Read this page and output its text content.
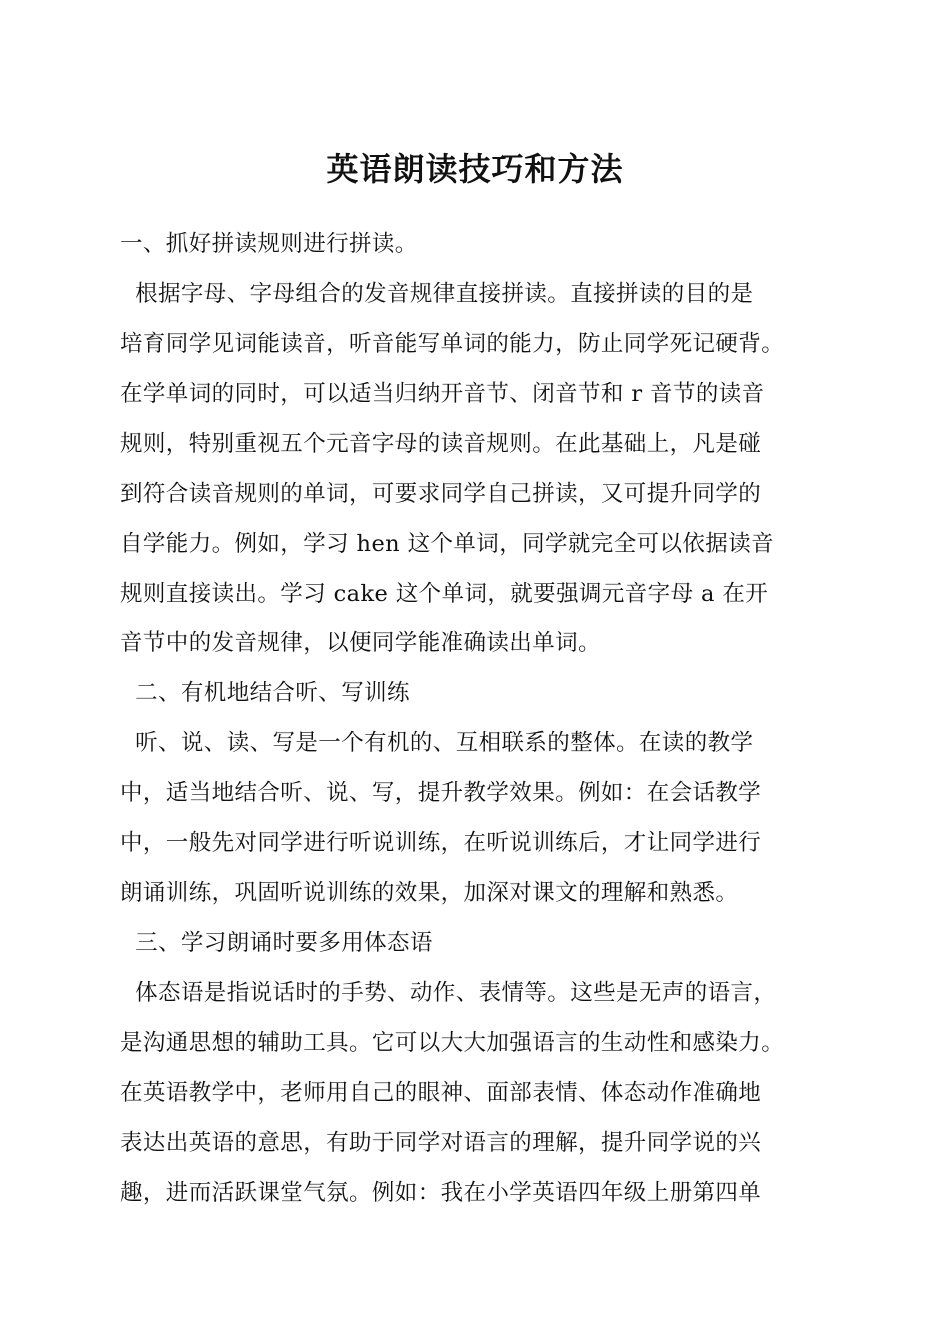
英语朗读技巧和方法
一、抓好拼读规则进行拼读。
根据字母、字母组合的发音规律直接拼读。直接拼读的目的是
培育同学见词能读音，听音能写单词的能力，防止同学死记硬背。
在学单词的同时，可以适当归纳开音节、闭音节和 r 音节的读音
规则，特别重视五个元音字母的读音规则。在此基础上，凡是碰
到符合读音规则的单词，可要求同学自己拼读，又可提升同学的
自学能力。例如，学习 hen 这个单词，同学就完全可以依据读音
规则直接读出。学习 cake 这个单词，就要强调元音字母 a 在开
音节中的发音规律，以便同学能准确读出单词。
二、有机地结合听、写训练
听、说、读、写是一个有机的、互相联系的整体。在读的教学
中，适当地结合听、说、写，提升教学效果。例如：在会话教学
中，一般先对同学进行听说训练，在听说训练后，才让同学进行
朗诵训练，巩固听说训练的效果，加深对课文的理解和熟悉。
三、学习朗诵时要多用体态语
体态语是指说话时的手势、动作、表情等。这些是无声的语言，
是沟通思想的辅助工具。它可以大大加强语言的生动性和感染力。
在英语教学中，老师用自己的眼神、面部表情、体态动作准确地
表达出英语的意思，有助于同学对语言的理解，提升同学说的兴
趣，进而活跃课堂气氛。例如：我在小学英语四年级上册第四单
